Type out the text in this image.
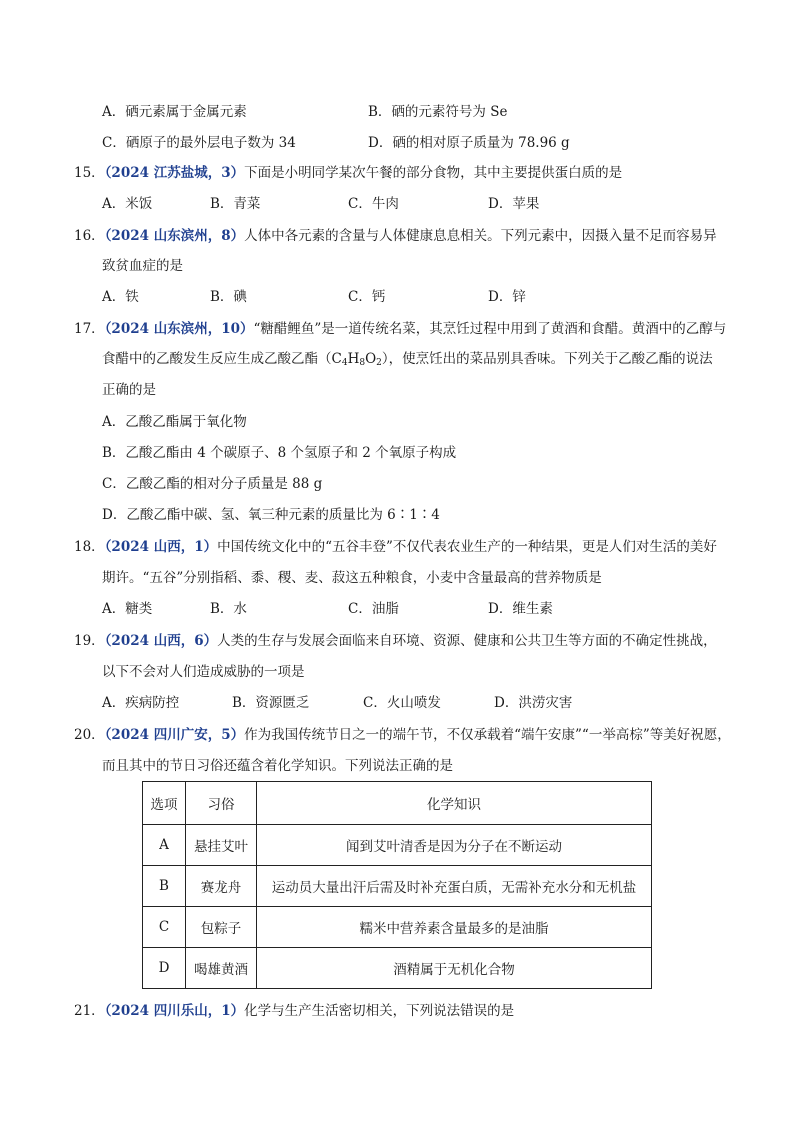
A．硒元素属于金属元素	B．硒的元素符号为 Se
C．硒原子的最外层电子数为 34	D．硒的相对原子质量为 78.96 g
15．（2024 江苏盐城，3）下面是小明同学某次午餐的部分食物，其中主要提供蛋白质的是
A．米饭	B．青菜	C．牛肉	D．苹果
16．（2024 山东滨州，8）人体中各元素的含量与人体健康息息相关。下列元素中，因摄入量不足而容易异
致贫血症的是
A．铁	B．碘	C．钙	D．锌
17．（2024 山东滨州，10）“糖醋鲤鱼”是一道传统名菜，其烹饪过程中用到了黄酒和食醋。黄酒中的乙醇与
食醋中的乙酸发生反应生成乙酸乙酯$(C_4H_8O_2)$，使烹饪出的菜品别具香味。下列关于乙酸乙酯的说法
正确的是
A．乙酸乙酯属于氧化物
B．乙酸乙酯由 4 个碳原子、8 个氢原子和 2 个氧原子构成
C．乙酸乙酯的相对分子质量是 88 g
D．乙酸乙酯中碳、氢、氧三种元素的质量比为 6∶1∶4
18．（2024 山西，1）中国传统文化中的“五谷丰登”不仅代表农业生产的一种结果，更是人们对生活的美好
期许。“五谷”分别指稻、黍、稷、麦、菽这五种粮食，小麦中含量最高的营养物质是
A．糖类	B．水	C．油脂	D．维生素
19．（2024 山西，6）人类的生存与发展会面临来自环境、资源、健康和公共卫生等方面的不确定性挑战，
以下不会对人们造成威胁的一项是
A．疾病防控	B．资源匮乏	C．火山喷发	D．洪涝灾害
20．（2024 四川广安，5）作为我国传统节日之一的端午节，不仅承载着“端午安康”“一举高棕”等美好祝愿，
而且其中的节日习俗还蕴含着化学知识。下列说法正确的是
选项	习俗	化学知识
A	悬挂艾叶	闻到艾叶清香是因为分子在不断运动
B	赛龙舟	运动员大量出汗后需及时补充蛋白质，无需补充水分和无机盐
C	包粽子	糯米中营养素含量最多的是油脂
D	喝雄黄酒	酒精属于无机化合物
21．（2024 四川乐山，1）化学与生产生活密切相关，下列说法错误的是
